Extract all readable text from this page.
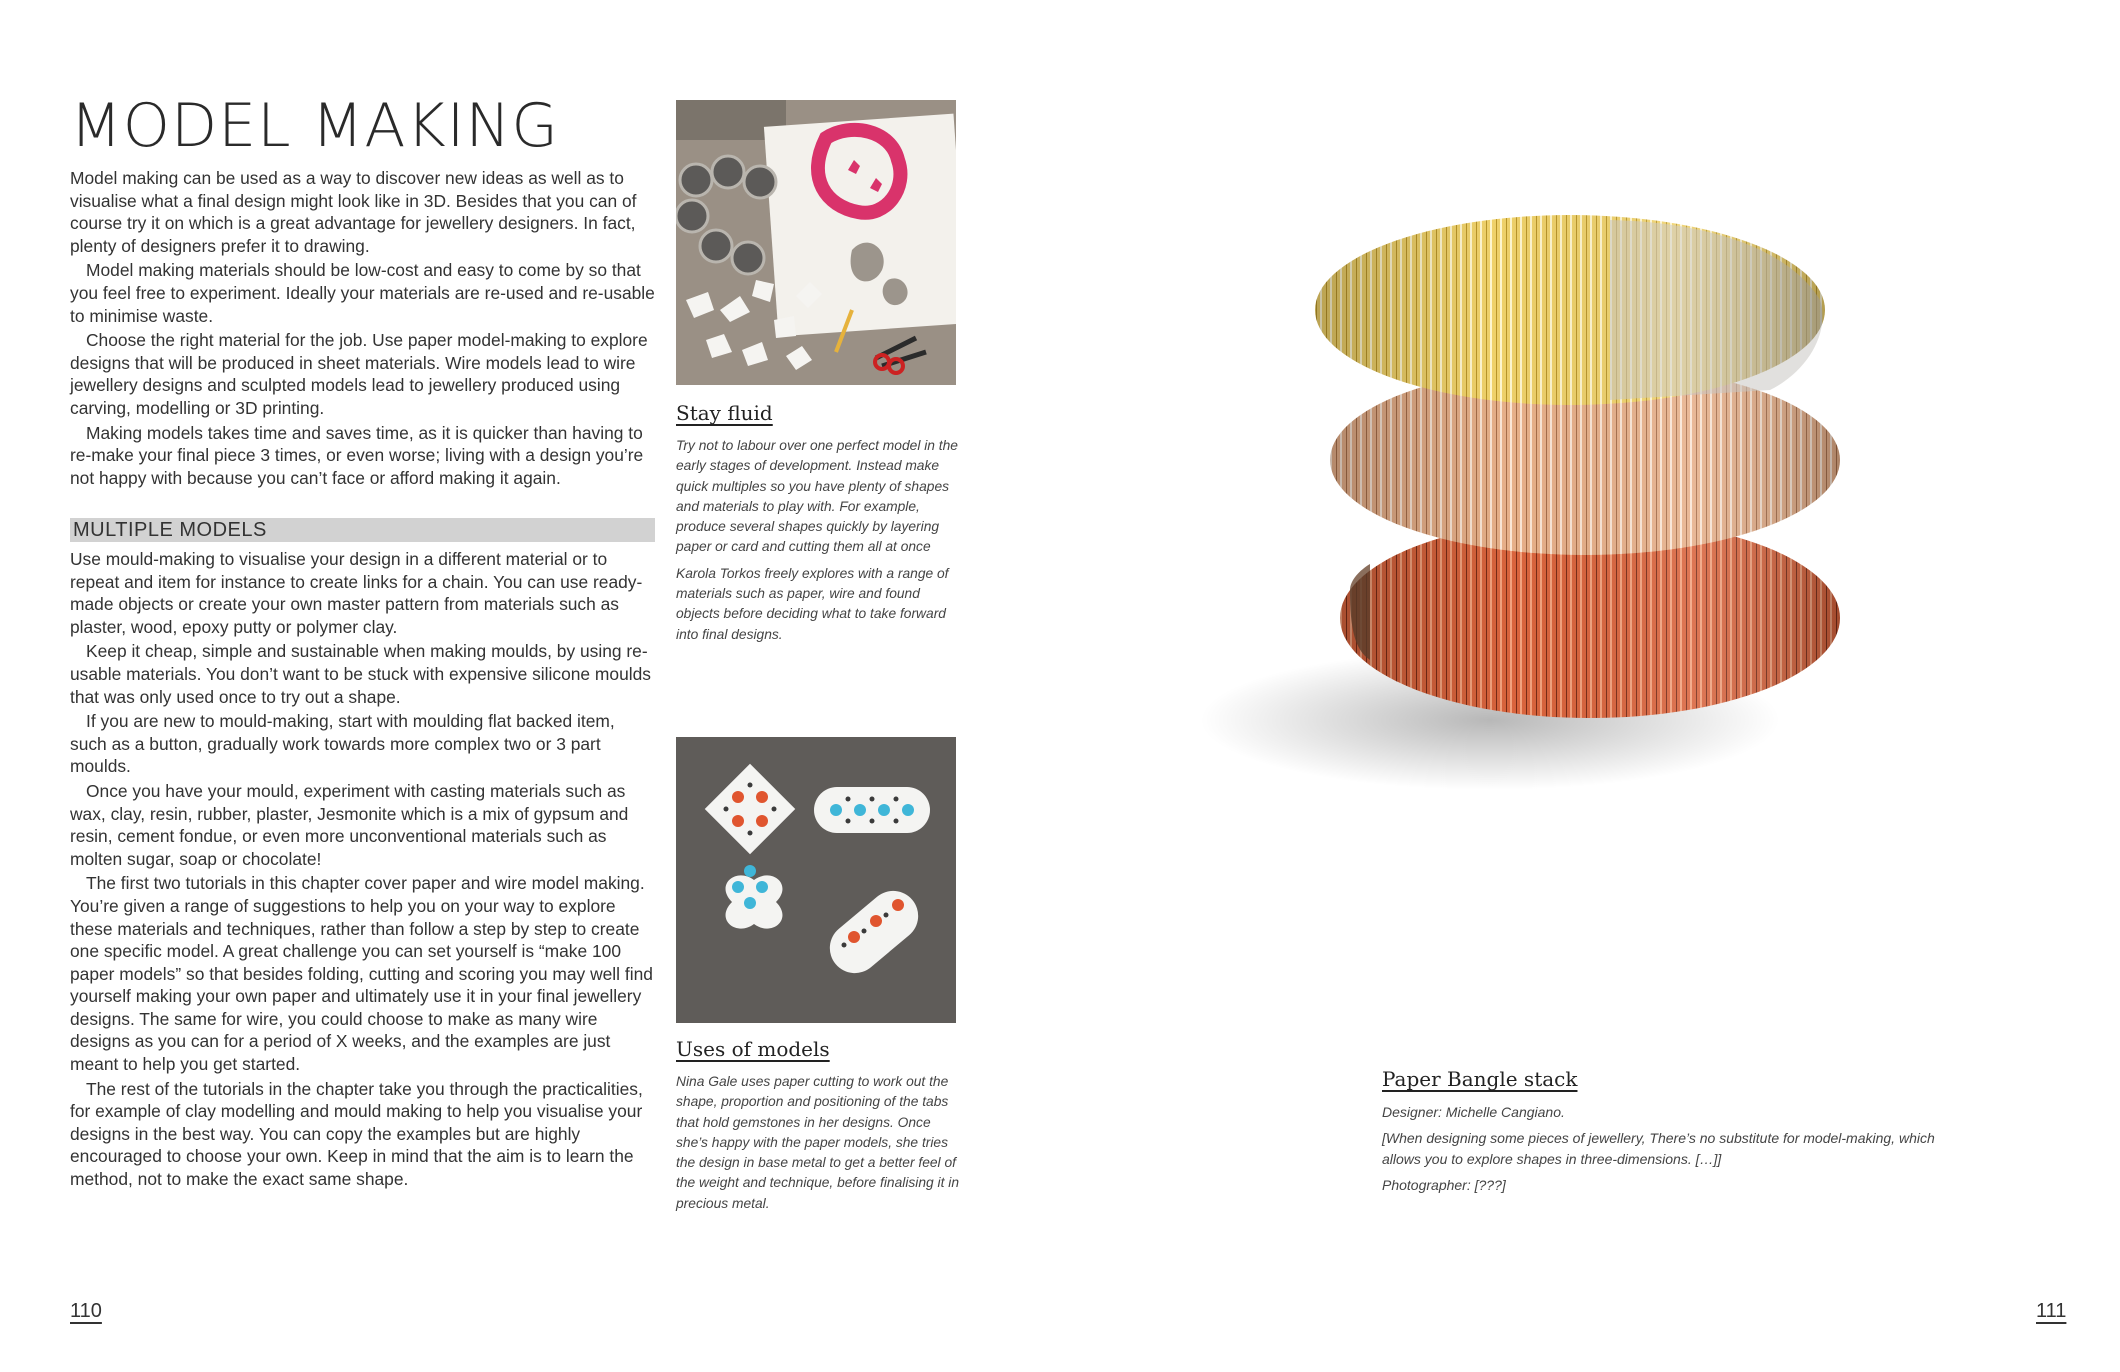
MODEL MAKING

Model making can be used as a way to discover new ideas as well as to visualise what a final design might look like in 3D. Besides that you can of course try it on which is a great advantage for jewellery designers. In fact, plenty of designers prefer it to drawing.

Model making materials should be low-cost and easy to come by so that you feel free to experiment. Ideally your materials are re-used and re-usable to minimise waste.

Choose the right material for the job. Use paper model-making to explore designs that will be produced in sheet materials. Wire models lead to wire jewellery designs and sculpted models lead to jewellery produced using carving, modelling or 3D printing.

Making models takes time and saves time, as it is quicker than having to re-make your final piece 3 times, or even worse; living with a design you’re not happy with because you can’t face or afford making it again.

MULTIPLE MODELS

Use mould-making to visualise your design in a different material or to repeat and item for instance to create links for a chain. You can use ready-made objects or create your own master pattern from materials such as plaster, wood, epoxy putty or polymer clay.

Keep it cheap, simple and sustainable when making moulds, by using re-usable materials. You don’t want to be stuck with expensive silicone moulds that was only used once to try out a shape.

If you are new to mould-making, start with moulding flat backed item, such as a button, gradually work towards more complex two or 3 part moulds.

Once you have your mould, experiment with casting materials such as wax, clay, resin, rubber, plaster, Jesmonite which is a mix of gypsum and resin, cement fondue, or even more unconventional materials such as molten sugar, soap or chocolate!

The first two tutorials in this chapter cover paper and wire model making. You’re given a range of suggestions to help you on your way to explore these materials and techniques, rather than follow a step by step to create one specific model. A great challenge you can set yourself is “make 100 paper models” so that besides folding, cutting and scoring you may well find yourself making your own paper and ultimately use it in your final jewellery designs. The same for wire, you could choose to make as many wire designs as you can for a period of X weeks, and the examples are just meant to help you get started.

The rest of the tutorials in the chapter take you through the practicalities, for example of clay modelling and mould making to help you visualise your designs in the best way. You can copy the examples but are highly encouraged to choose your own. Keep in mind that the aim is to learn the method, not to make the exact same shape.

Stay fluid

Try not to labour over one perfect model in the early stages of development. Instead make quick multiples so you have plenty of shapes and materials to play with. For example, produce several shapes quickly by layering paper or card and cutting them all at once

Karola Torkos freely explores with a range of materials such as paper, wire and found objects before deciding what to take forward into final designs.

Uses of models

Nina Gale uses paper cutting to work out the shape, proportion and positioning of the tabs that hold gemstones in her designs. Once she’s happy with the paper models, she tries the design in base metal to get a better feel of the weight and technique, before finalising it in precious metal.

110

Paper Bangle stack

Designer: Michelle Cangiano.

[When designing some pieces of jewellery, There’s no substitute for model-making, which allows you to explore shapes in three-dimensions. […]]

Photographer: [???]

111
